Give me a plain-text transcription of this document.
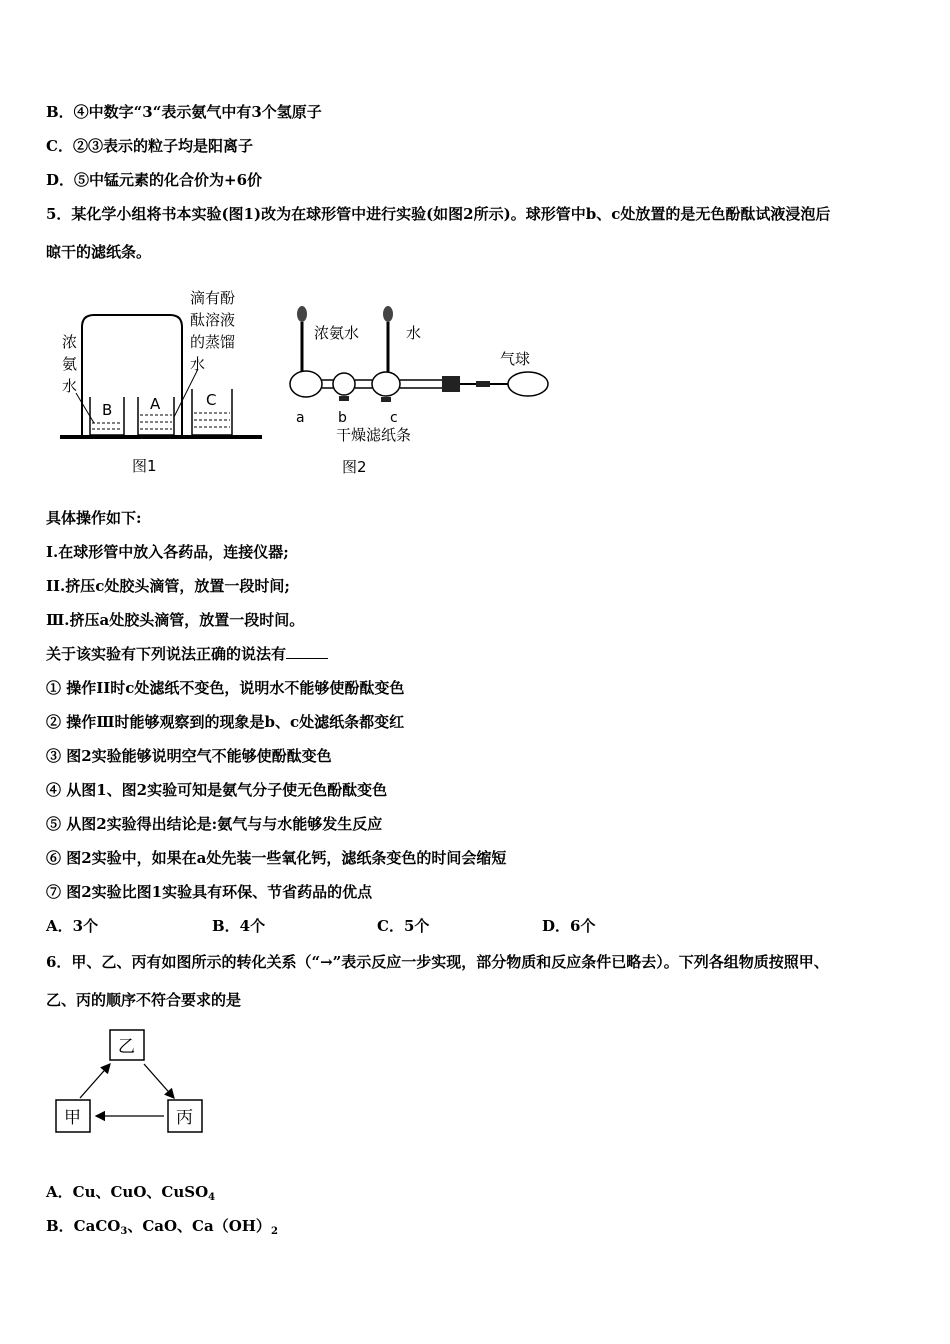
B．④中数字“3“表示氨气中有3个氢原子
C．②③表示的粒子均是阳离子
D．⑤中锰元素的化合价为+6价
5．某化学小组将书本实验(图1)改为在球形管中进行实验(如图2所示)。球形管中b、c处放置的是无色酚酞试液浸泡后
晾干的滤纸条。
B	A	C
浓
氨
水
滴有酚
酞溶液
的蒸馏
水
图1
浓氨水	水
气球
a b	c
干燥滤纸条
图2
具体操作如下:
I.在球形管中放入各药品，连接仪器;
II.挤压c处胶头滴管，放置一段时间;
Ⅲ.挤压a处胶头滴管，放置一段时间。
关于该实验有下列说法正确的说法有
① 操作II时c处滤纸不变色，说明水不能够使酚酞变色
② 操作Ⅲ时能够观察到的现象是b、c处滤纸条都变红
③ 图2实验能够说明空气不能够使酚酞变色
④ 从图1、图2实验可知是氨气分子使无色酚酞变色
⑤ 从图2实验得出结论是:氨气与与水能够发生反应
⑥ 图2实验中，如果在a处先装一些氧化钙，滤纸条变色的时间会缩短
⑦ 图2实验比图1实验具有环保、节省药品的优点
A．3个	B．4个	C．5个	D．6个
6．甲、乙、丙有如图所示的转化关系（“→”表示反应一步实现，部分物质和反应条件已略去）。下列各组物质按照甲、
乙、丙的顺序不符合要求的是
乙
甲	丙
A．Cu、CuO、CuSO$_4$
B．CaCO$_3$、CaO、$Ca(OH)_2$
